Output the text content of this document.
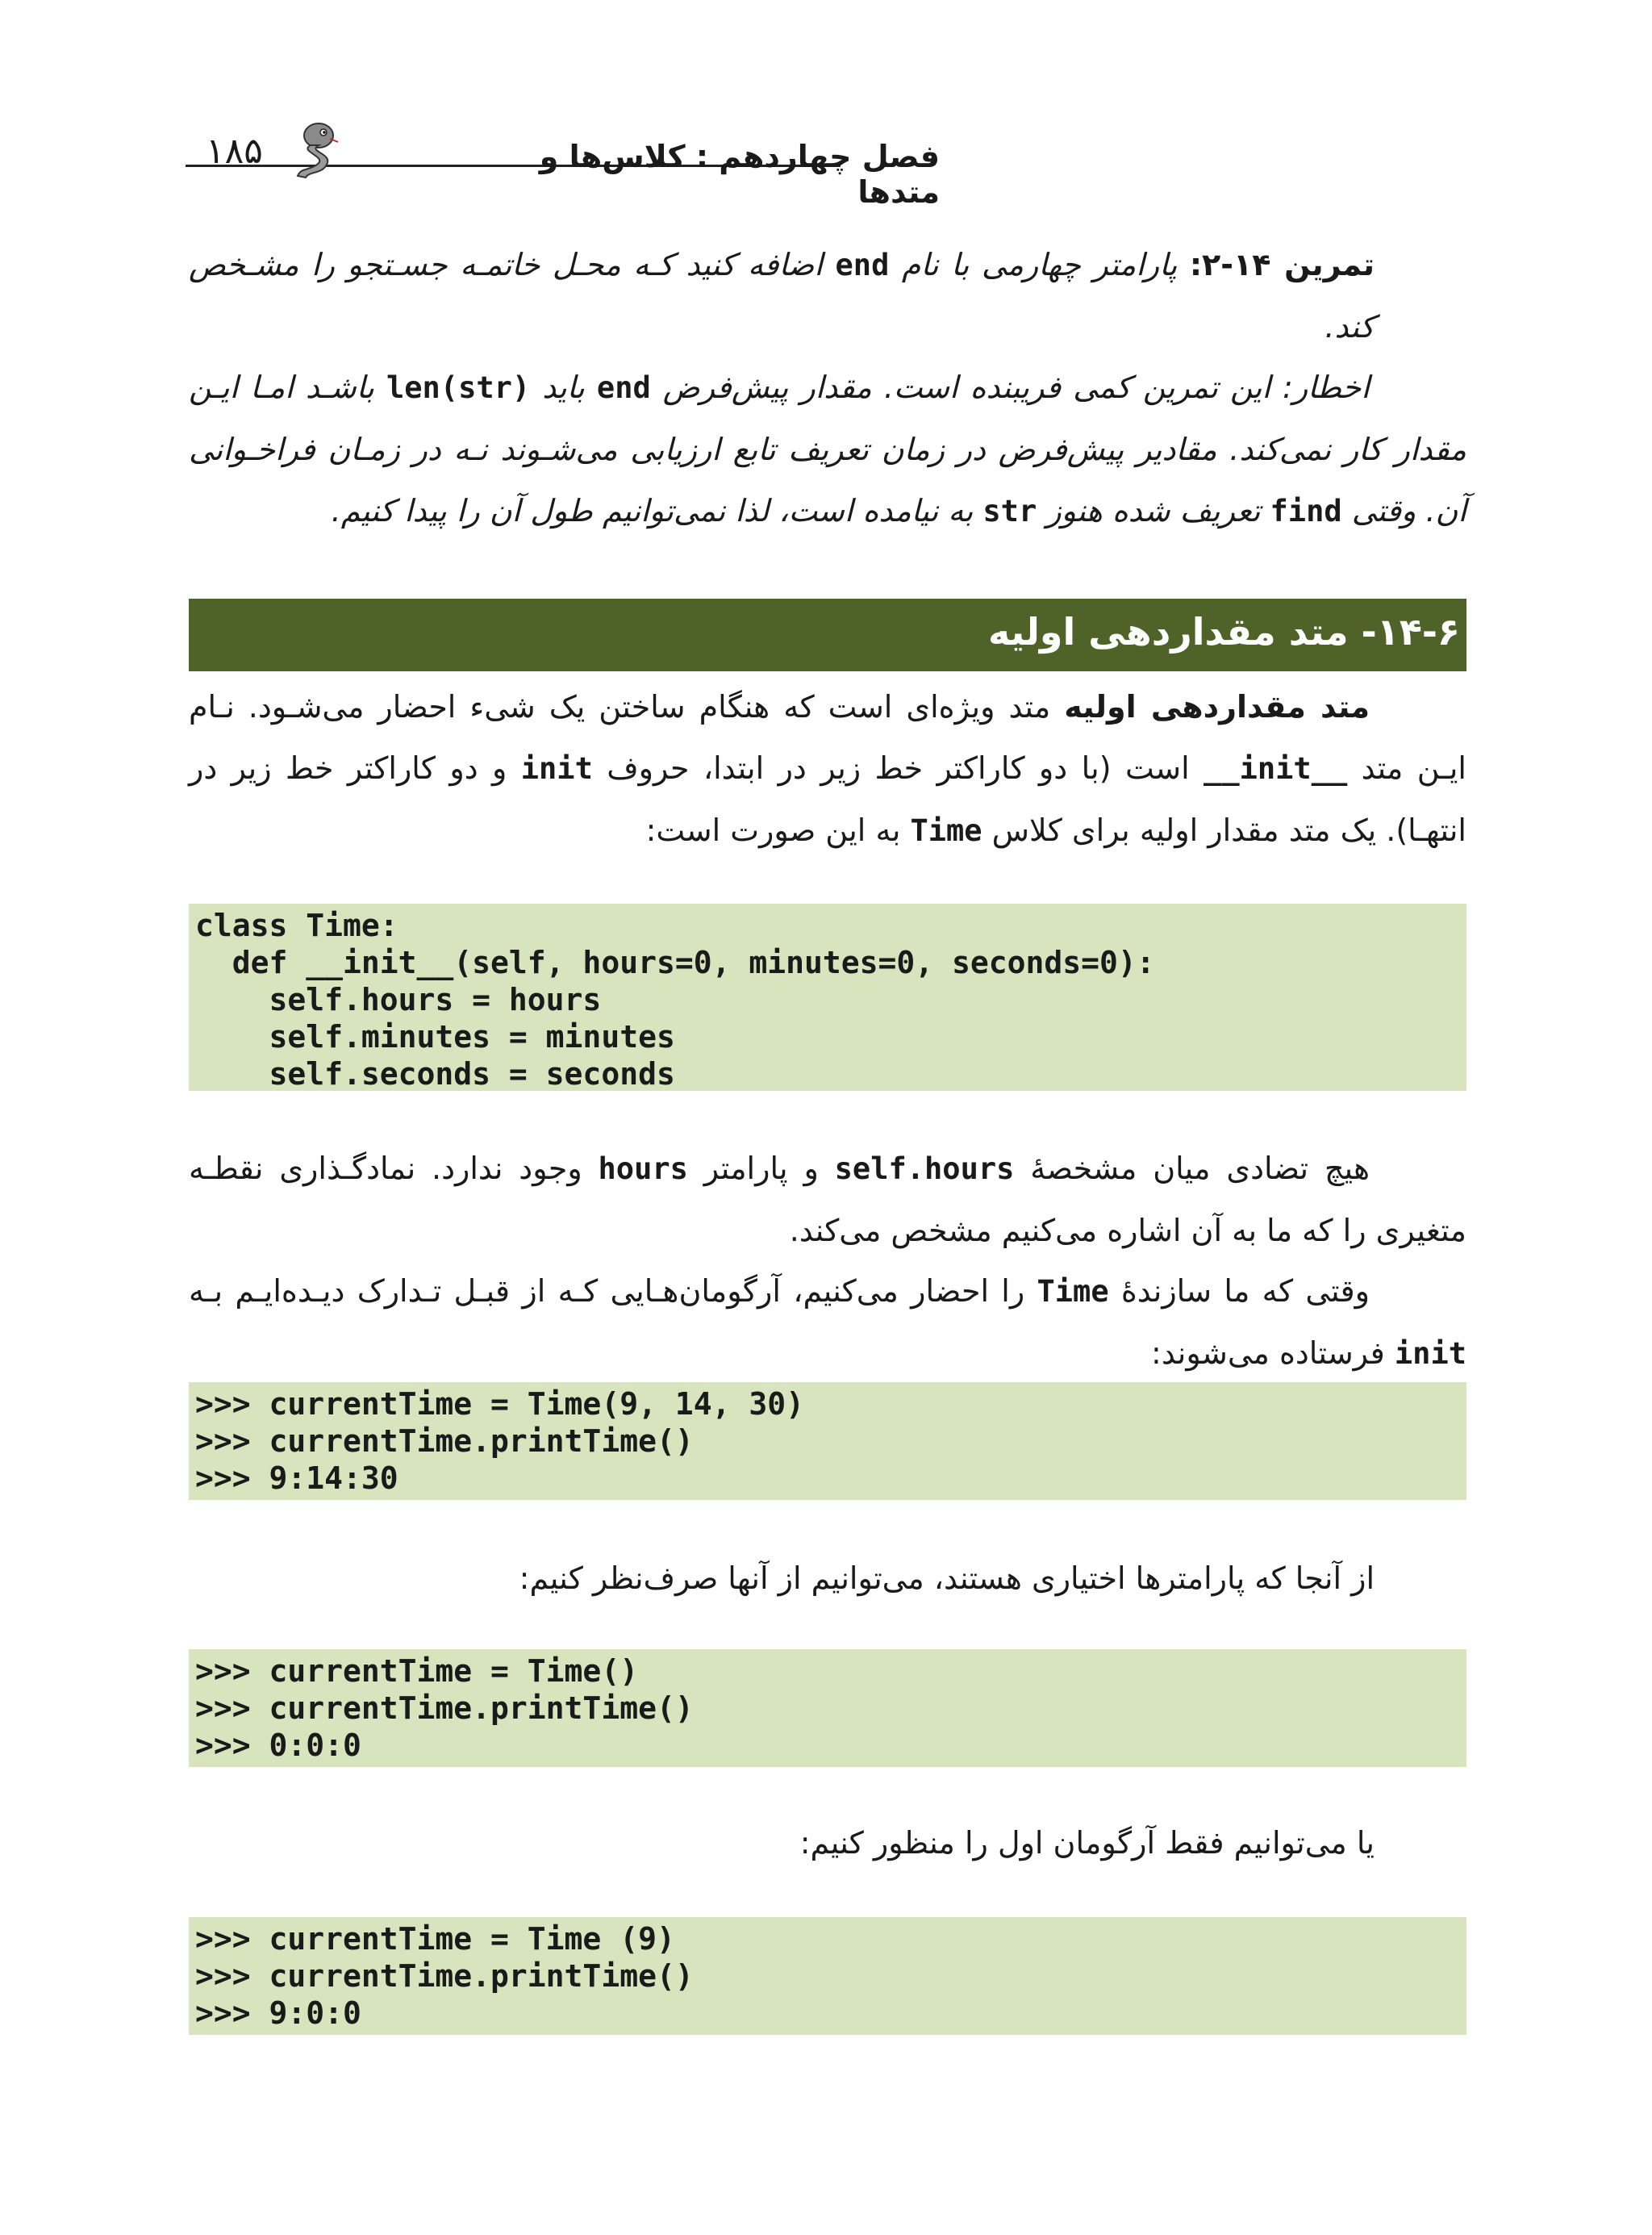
فصل چهاردهم : کلاس‌ها و متدها
۱۸۵
تمرین ۱۴-۲: پارامتر چهارمی با نام end اضافه کنید کـه محـل خاتمـه جسـتجو را مشـخص کند.
اخطار: این تمرین کمی فریبنده است. مقدار پیش‌فرض end باید len(str) باشـد امـا ایـن مقدار کار نمی‌کند. مقادیر پیش‌فرض در زمان تعریف تابع ارزیابی می‌شـوند نـه در زمـان فراخـوانی آن. وقتی find تعریف شده هنوز str به نیامده است، لذا نمی‌توانیم طول آن را پیدا کنیم.
۱۴-۶- متد مقداردهی اولیه
متد مقداردهی اولیه متد ویژه‌ای است که هنگام ساختن یک شیء احضار می‌شـود. نـام ایـن متد __init__ است (با دو کاراکتر خط زیر در ابتدا، حروف init و دو کاراکتر خط زیر در انتهـا). یک متد مقدار اولیه برای کلاس Time به این صورت است:
class Time:
def __init__(self, hours=0, minutes=0, seconds=0):
self.hours = hours
self.minutes = minutes
self.seconds = seconds
هیچ تضادی میان مشخصهٔ self.hours و پارامتر hours وجود ندارد. نمادگـذاری نقطـه متغیری را که ما به آن اشاره می‌کنیم مشخص می‌کند.
وقتی که ما سازندهٔ Time را احضار می‌کنیم، آرگومان‌هـایی کـه از قبـل تـدارک دیـده‌ایـم بـه init فرستاده می‌شوند:
>>> currentTime = Time(9, 14, 30)
>>> currentTime.printTime()
>>> 9:14:30
از آنجا که پارامترها اختیاری هستند، می‌توانیم از آنها صرف‌نظر کنیم:
>>> currentTime = Time()
>>> currentTime.printTime()
>>> 0:0:0
یا می‌توانیم فقط آرگومان اول را منظور کنیم:
>>> currentTime = Time (9)
>>> currentTime.printTime()
>>> 9:0:0
